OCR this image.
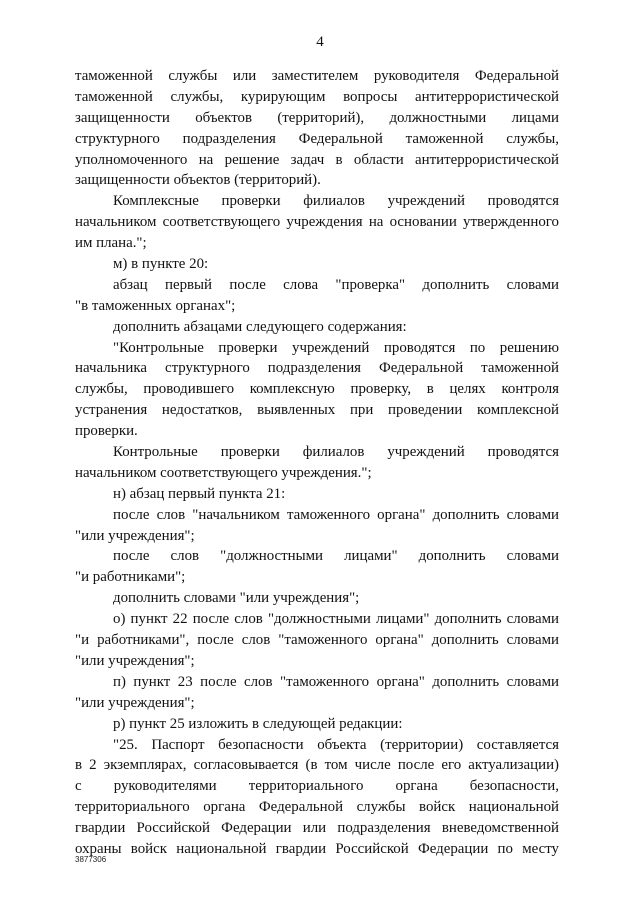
4
таможенной службы или заместителем руководителя Федеральной
таможенной службы, курирующим вопросы антитеррористической
защищенности объектов (территорий), должностными лицами
структурного подразделения Федеральной таможенной службы,
уполномоченного на решение задач в области антитеррористической
защищенности объектов (территорий).
Комплексные проверки филиалов учреждений проводятся
начальником соответствующего учреждения на основании утвержденного
им плана.";
м) в пункте 20:
абзац первый после слова "проверка" дополнить словами
"в таможенных органах";
дополнить абзацами следующего содержания:
"Контрольные проверки учреждений проводятся по решению
начальника структурного подразделения Федеральной таможенной
службы, проводившего комплексную проверку, в целях контроля
устранения недостатков, выявленных при проведении комплексной
проверки.
Контрольные проверки филиалов учреждений проводятся
начальником соответствующего учреждения.";
н) абзац первый пункта 21:
после слов "начальником таможенного органа" дополнить словами
"или учреждения";
после слов "должностными лицами" дополнить словами
"и работниками";
дополнить словами "или учреждения";
о) пункт 22 после слов "должностными лицами" дополнить словами
"и работниками", после слов "таможенного органа" дополнить словами
"или учреждения";
п) пункт 23 после слов "таможенного органа" дополнить словами
"или учреждения";
р) пункт 25 изложить в следующей редакции:
"25. Паспорт безопасности объекта (территории) составляется
в 2 экземплярах, согласовывается (в том числе после его актуализации)
с руководителями территориального органа безопасности,
территориального органа Федеральной службы войск национальной
гвардии Российской Федерации или подразделения вневедомственной
охраны войск национальной гвардии Российской Федерации по месту
3877306
